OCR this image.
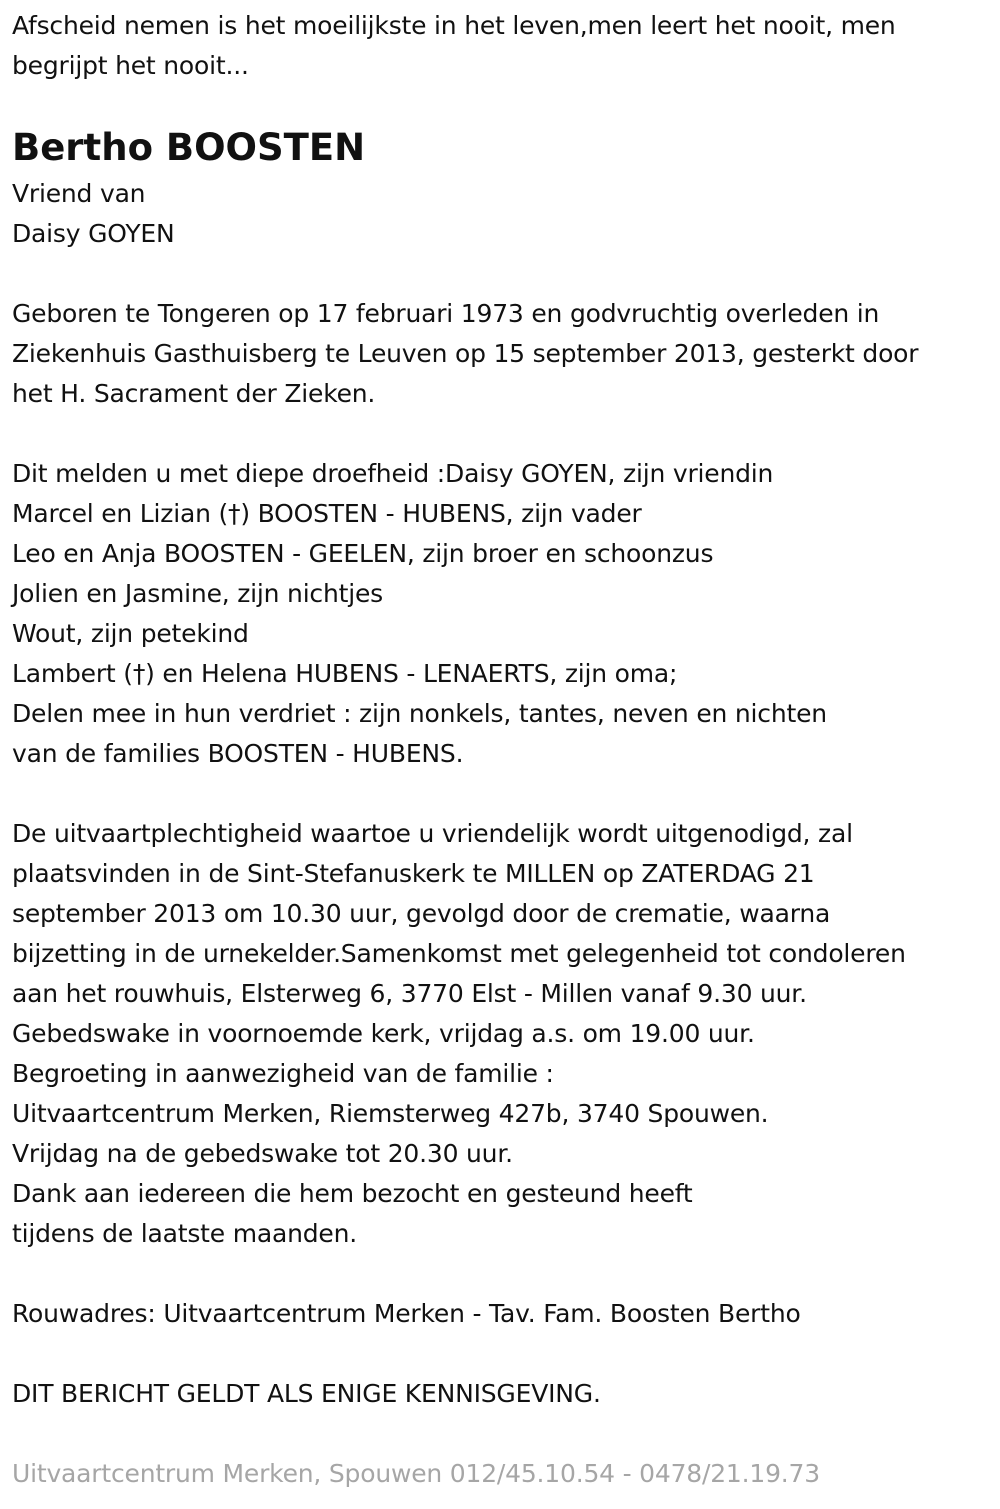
Afscheid nemen is het moeilijkste in het leven,men leert het nooit, men
begrijpt het nooit...
Bertho BOOSTEN
Vriend van
Daisy GOYEN
Geboren te Tongeren op 17 februari 1973 en godvruchtig overleden in
Ziekenhuis Gasthuisberg te Leuven op 15 september 2013, gesterkt door
het H. Sacrament der Zieken.
Dit melden u met diepe droefheid :Daisy GOYEN, zijn vriendin
Marcel en Lizian (†) BOOSTEN - HUBENS, zijn vader
Leo en Anja BOOSTEN - GEELEN, zijn broer en schoonzus
Jolien en Jasmine, zijn nichtjes
Wout, zijn petekind
Lambert (†) en Helena HUBENS - LENAERTS, zijn oma;
Delen mee in hun verdriet : zijn nonkels, tantes, neven en nichten
van de families BOOSTEN - HUBENS.
De uitvaartplechtigheid waartoe u vriendelijk wordt uitgenodigd, zal
plaatsvinden in de Sint-Stefanuskerk te MILLEN op ZATERDAG 21
september 2013 om 10.30 uur, gevolgd door de crematie, waarna
bijzetting in de urnekelder.Samenkomst met gelegenheid tot condoleren
aan het rouwhuis, Elsterweg 6, 3770 Elst - Millen vanaf 9.30 uur.
Gebedswake in voornoemde kerk, vrijdag a.s. om 19.00 uur.
Begroeting in aanwezigheid van de familie :
Uitvaartcentrum Merken, Riemsterweg 427b, 3740 Spouwen.
Vrijdag na de gebedswake tot 20.30 uur.
Dank aan iedereen die hem bezocht en gesteund heeft
tijdens de laatste maanden.
Rouwadres: Uitvaartcentrum Merken - Tav. Fam. Boosten Bertho
DIT BERICHT GELDT ALS ENIGE KENNISGEVING.
Uitvaartcentrum Merken, Spouwen 012/45.10.54 - 0478/21.19.73
